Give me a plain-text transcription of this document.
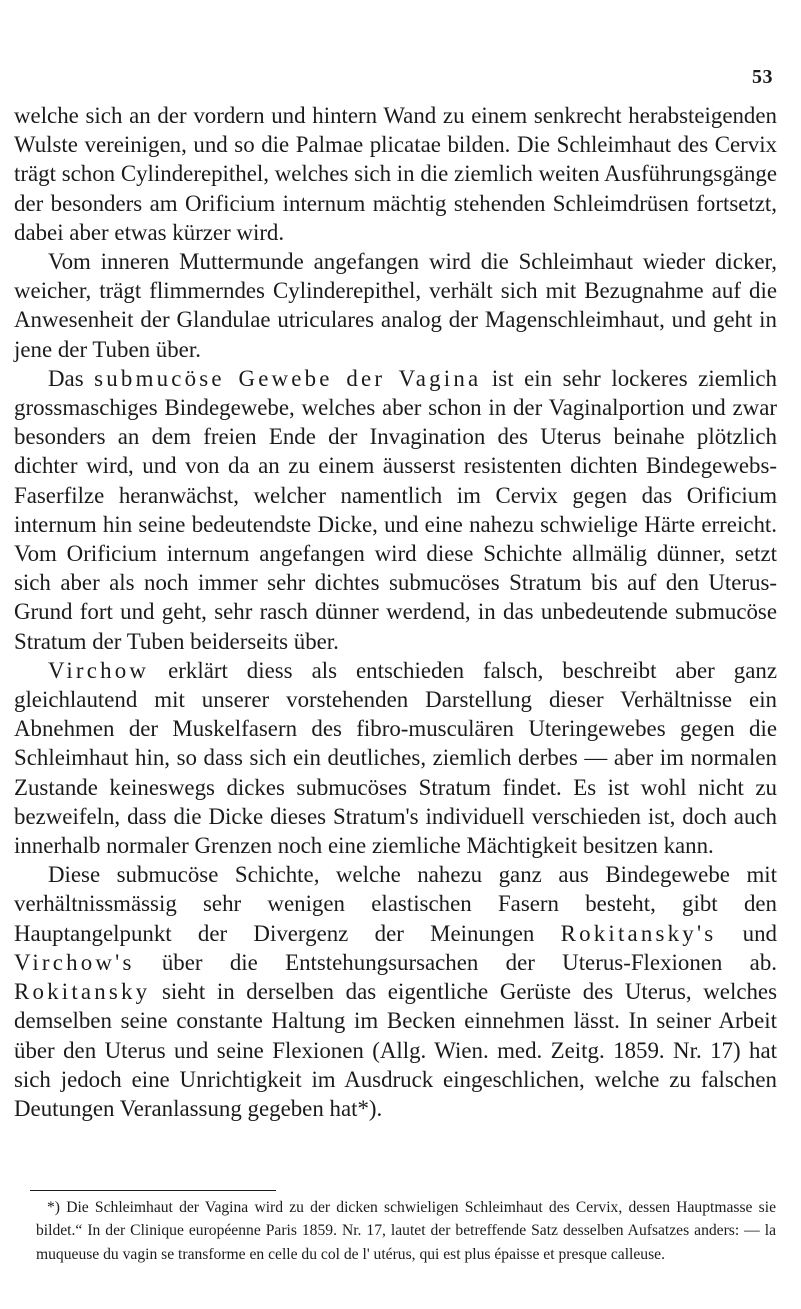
53

welche sich an der vordern und hintern Wand zu einem senkrecht herabsteigenden Wulste vereinigen, und so die Palmae plicatae bilden. Die Schleimhaut des Cervix trägt schon Cylinderepithel, welches sich in die ziemlich weiten Ausführungsgänge der besonders am Orificium internum mächtig stehenden Schleimdrüsen fortsetzt, dabei aber etwas kürzer wird.

Vom inneren Muttermunde angefangen wird die Schleimhaut wieder dicker, weicher, trägt flimmerndes Cylinderepithel, verhält sich mit Bezugnahme auf die Anwesenheit der Glandulae utriculares analog der Magenschleimhaut, und geht in jene der Tuben über.

Das submucöse Gewebe der Vagina ist ein sehr lockeres ziemlich grossmaschiges Bindegewebe, welches aber schon in der Vaginalportion und zwar besonders an dem freien Ende der Invagination des Uterus beinahe plötzlich dichter wird, und von da an zu einem äusserst resistenten dichten Bindegewebs-Faserfilze heranwächst, welcher namentlich im Cervix gegen das Orificium internum hin seine bedeutendste Dicke, und eine nahezu schwielige Härte erreicht. Vom Orificium internum angefangen wird diese Schichte allmälig dünner, setzt sich aber als noch immer sehr dichtes submucöses Stratum bis auf den Uterus-Grund fort und geht, sehr rasch dünner werdend, in das unbedeutende submucöse Stratum der Tuben beiderseits über.

Virchow erklärt diess als entschieden falsch, beschreibt aber ganz gleichlautend mit unserer vorstehenden Darstellung dieser Verhältnisse ein Abnehmen der Muskelfasern des fibro-musculären Uteringewebes gegen die Schleimhaut hin, so dass sich ein deutliches, ziemlich derbes — aber im normalen Zustande keineswegs dickes submucöses Stratum findet. Es ist wohl nicht zu bezweifeln, dass die Dicke dieses Stratum's individuell verschieden ist, doch auch innerhalb normaler Grenzen noch eine ziemliche Mächtigkeit besitzen kann.

Diese submucöse Schichte, welche nahezu ganz aus Bindegewebe mit verhältnissmässig sehr wenigen elastischen Fasern besteht, gibt den Hauptangelpunkt der Divergenz der Meinungen Rokitansky's und Virchow's über die Entstehungsursachen der Uterus-Flexionen ab. Rokitansky sieht in derselben das eigentliche Gerüste des Uterus, welches demselben seine constante Haltung im Becken einnehmen lässt. In seiner Arbeit über den Uterus und seine Flexionen (Allg. Wien. med. Zeitg. 1859. Nr. 17) hat sich jedoch eine Unrichtigkeit im Ausdruck eingeschlichen, welche zu falschen Deutungen Veranlassung gegeben hat*).

*) Die Schleimhaut der Vagina wird zu der dicken schwieligen Schleimhaut des Cervix, dessen Hauptmasse sie bildet.“ In der Clinique européenne Paris 1859. Nr. 17, lautet der betreffende Satz desselben Aufsatzes anders: — la muqueuse du vagin se transforme en celle du col de l' utérus, qui est plus épaisse et presque calleuse.
